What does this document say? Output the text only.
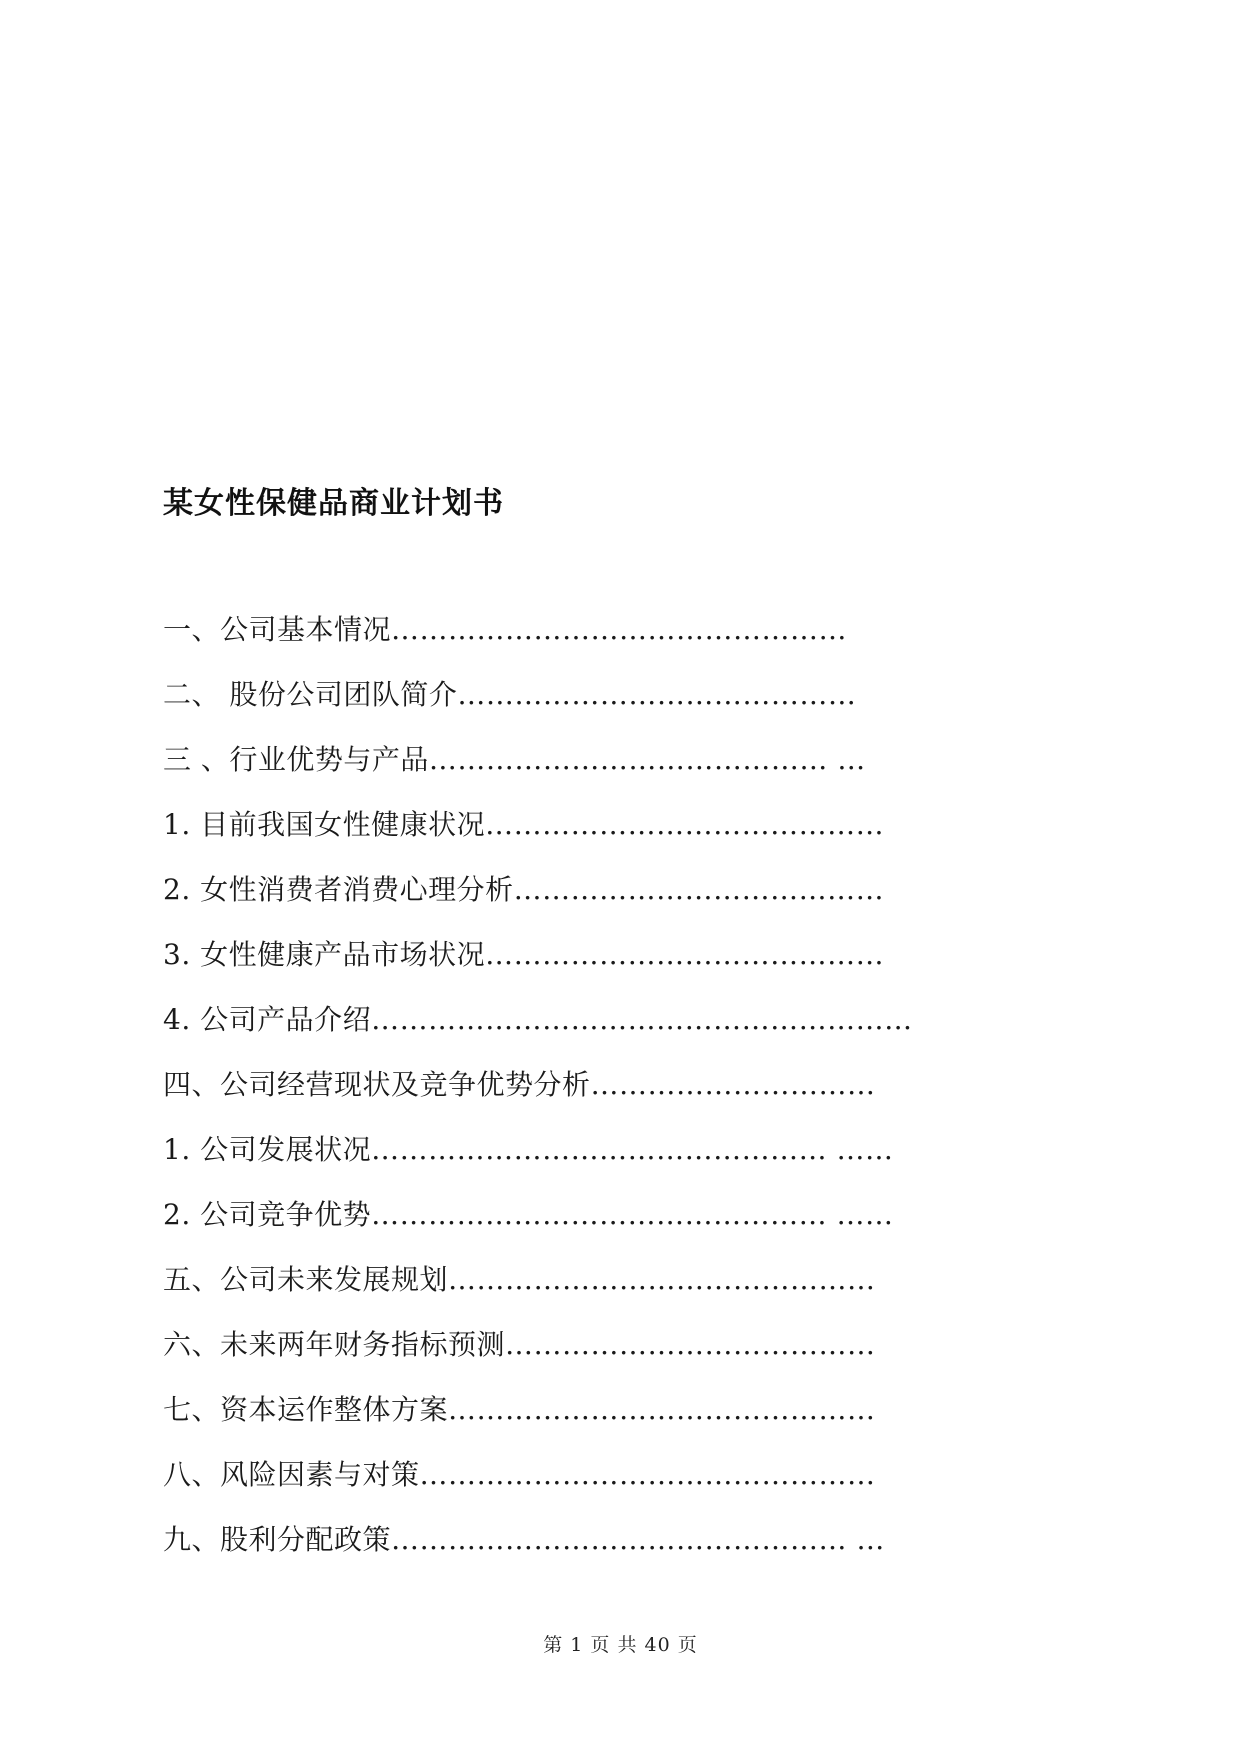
某女性保健品商业计划书
一、公司基本情况…………………………………………
二、 股份公司团队简介……………………………………
三 、行业优势与产品…………………………………… …
1. 目前我国女性健康状况……………………………………
2. 女性消费者消费心理分析…………………………………
3. 女性健康产品市场状况……………………………………
4. 公司产品介绍…………………………………………………
四、公司经营现状及竞争优势分析…………………………
1. 公司发展状况………………………………………… ……
2. 公司竞争优势………………………………………… ……
五、公司未来发展规划………………………………………
六、未来两年财务指标预测…………………………………
七、资本运作整体方案………………………………………
八、风险因素与对策…………………………………………
九、股利分配政策………………………………………… …
第 1 页 共 40 页
